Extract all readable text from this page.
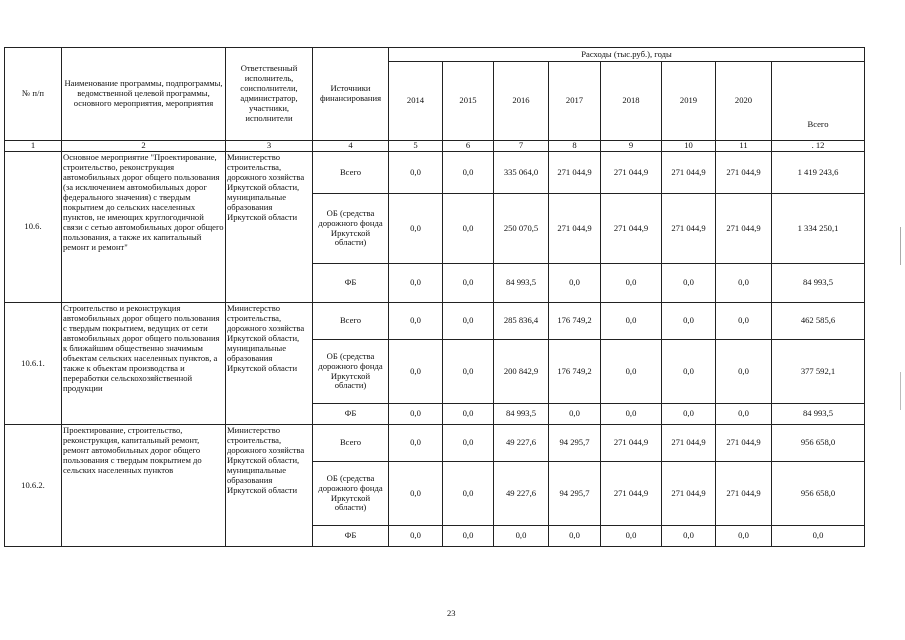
№ п/п	Наименование программы, подпрограммы, ведомственной целевой программы, основного мероприятия, мероприятия	Ответственный исполнитель, соисполнители, администратор, участники, исполнители	Источники финансирования	Расходы (тыс.руб.), годы							
				2014	2015	2016	2017	2018	2019	2020	Всего
1	2	3	4	5	6	7	8	9	10	11	. 12
10.6.	Основное мероприятие "Проектирование, строительство, реконструкция автомобильных дорог общего пользования (за исключением автомобильных дорог федерального значения) с твердым покрытием до сельских населенных пунктов, не имеющих круглогодичной связи с сетью автомобильных дорог общего пользования, а также их капитальный ремонт и ремонт"	Министерство строительства, дорожного хозяйства Иркутской области, муниципальные образования Иркутской области	Всего	0,0	0,0	335 064,0	271 044,9	271 044,9	271 044,9	271 044,9	1 419 243,6
			ОБ (средства дорожного фонда Иркутской области)	0,0	0,0	250 070,5	271 044,9	271 044,9	271 044,9	271 044,9	1 334 250,1
			ФБ	0,0	0,0	84 993,5	0,0	0,0	0,0	0,0	84 993,5
10.6.1.	Строительство и реконструкция автомобильных дорог общего пользования с твердым покрытием, ведущих от сети автомобильных дорог общего пользования к ближайшим общественно значимым объектам сельских населенных пунктов, а также к объектам производства и переработки сельскохозяйственной продукции	Министерство строительства, дорожного хозяйства Иркутской области, муниципальные образования Иркутской области	Всего	0,0	0,0	285 836,4	176 749,2	0,0	0,0	0,0	462 585,6
			ОБ (средства дорожного фонда Иркутской области)	0,0	0,0	200 842,9	176 749,2	0,0	0,0	0,0	377 592,1
			ФБ	0,0	0,0	84 993,5	0,0	0,0	0,0	0,0	84 993,5
10.6.2.	Проектирование, строительство, реконструкция, капитальный ремонт, ремонт автомобильных дорог общего пользования с твердым покрытием до сельских населенных пунктов	Министерство строительства, дорожного хозяйства Иркутской области, муниципальные образования Иркутской области	Всего	0,0	0,0	49 227,6	94 295,7	271 044,9	271 044,9	271 044,9	956 658,0
			ОБ (средства дорожного фонда Иркутской области)	0,0	0,0	49 227,6	94 295,7	271 044,9	271 044,9	271 044,9	956 658,0
			ФБ	0,0	0,0	0,0	0,0	0,0	0,0	0,0	0,0
23
